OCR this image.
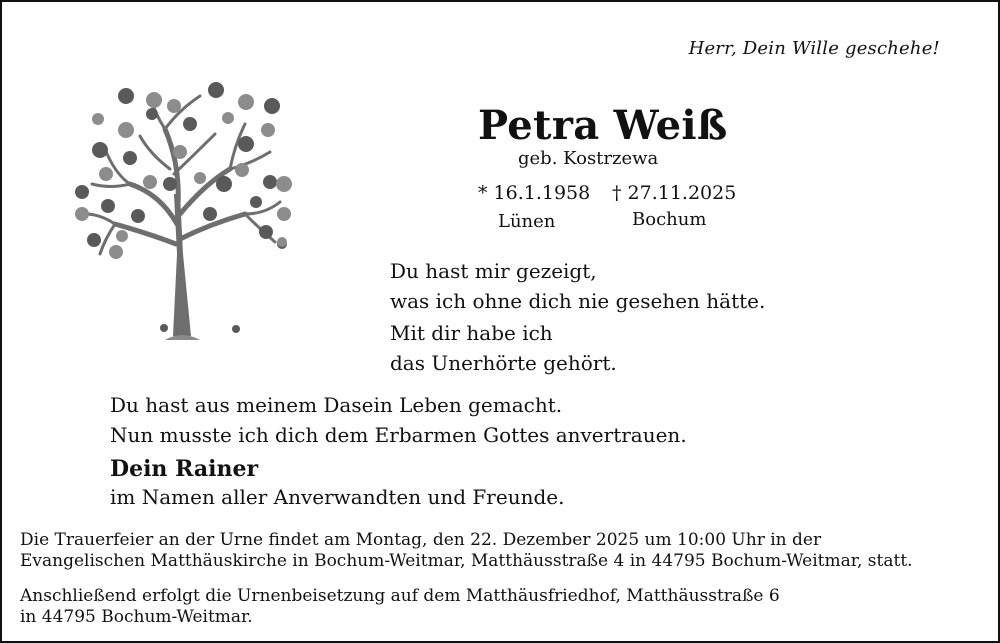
Herr, Dein Wille geschehe!

Petra Weiß

geb. Kostrzewa

* 16.1.1958

Lünen

† 27.11.2025

Bochum

Du hast mir gezeigt,
was ich ohne dich nie gesehen hätte.
Mit dir habe ich
das Unerhörte gehört.
Du hast aus meinem Dasein Leben gemacht.
Nun musste ich dich dem Erbarmen Gottes anvertrauen.

Dein Rainer

im Namen aller Anverwandten und Freunde.

Die Trauerfeier an der Urne findet am Montag, den 22. Dezember 2025 um 10:00 Uhr in der
Evangelischen Matthäuskirche in Bochum-Weitmar, Matthäusstraße 4 in 44795 Bochum-Weitmar, statt.
Anschließend erfolgt die Urnenbeisetzung auf dem Matthäusfriedhof, Matthäusstraße 6
in 44795 Bochum-Weitmar.
